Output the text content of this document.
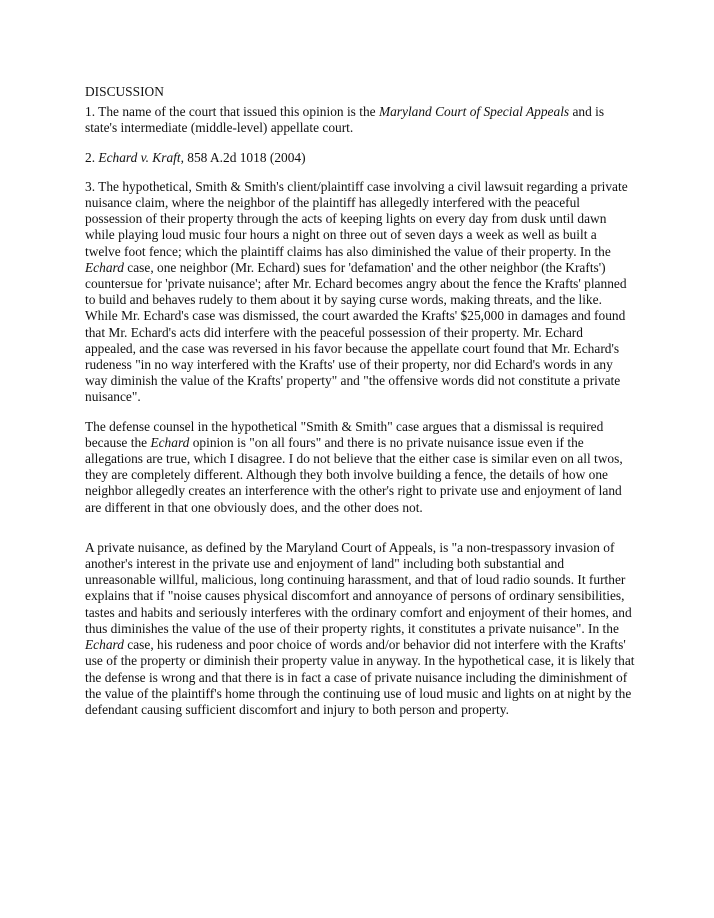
DISCUSSION

1. The name of the court that issued this opinion is the Maryland Court of Special Appeals and is state's intermediate (middle-level) appellate court.

2. Echard v. Kraft, 858 A.2d 1018 (2004)

3. The hypothetical, Smith & Smith's client/plaintiff case involving a civil lawsuit regarding a private nuisance claim, where the neighbor of the plaintiff has allegedly interfered with the peaceful possession of their property through the acts of keeping lights on every day from dusk until dawn while playing loud music four hours a night on three out of seven days a week as well as built a twelve foot fence; which the plaintiff claims has also diminished the value of their property. In the Echard case, one neighbor (Mr. Echard) sues for 'defamation' and the other neighbor (the Krafts') countersue for 'private nuisance'; after Mr. Echard becomes angry about the fence the Krafts' planned to build and behaves rudely to them about it by saying curse words, making threats, and the like. While Mr. Echard's case was dismissed, the court awarded the Krafts' $25,000 in damages and found that Mr. Echard's acts did interfere with the peaceful possession of their property. Mr. Echard appealed, and the case was reversed in his favor because the appellate court found that Mr. Echard's rudeness "in no way interfered with the Krafts' use of their property, nor did Echard's words in any way diminish the value of the Krafts' property" and "the offensive words did not constitute a private nuisance".

The defense counsel in the hypothetical "Smith & Smith" case argues that a dismissal is required because the Echard opinion is "on all fours" and there is no private nuisance issue even if the allegations are true, which I disagree. I do not believe that the either case is similar even on all twos, they are completely different. Although they both involve building a fence, the details of how one neighbor allegedly creates an interference with the other's right to private use and enjoyment of land are different in that one obviously does, and the other does not.

A private nuisance, as defined by the Maryland Court of Appeals, is "a non-trespassory invasion of another's interest in the private use and enjoyment of land" including both substantial and unreasonable willful, malicious, long continuing harassment, and that of loud radio sounds. It further explains that if "noise causes physical discomfort and annoyance of persons of ordinary sensibilities, tastes and habits and seriously interferes with the ordinary comfort and enjoyment of their homes, and thus diminishes the value of the use of their property rights, it constitutes a private nuisance". In the Echard case, his rudeness and poor choice of words and/or behavior did not interfere with the Krafts' use of the property or diminish their property value in anyway. In the hypothetical case, it is likely that the defense is wrong and that there is in fact a case of private nuisance including the diminishment of the value of the plaintiff's home through the continuing use of loud music and lights on at night by the defendant causing sufficient discomfort and injury to both person and property.
